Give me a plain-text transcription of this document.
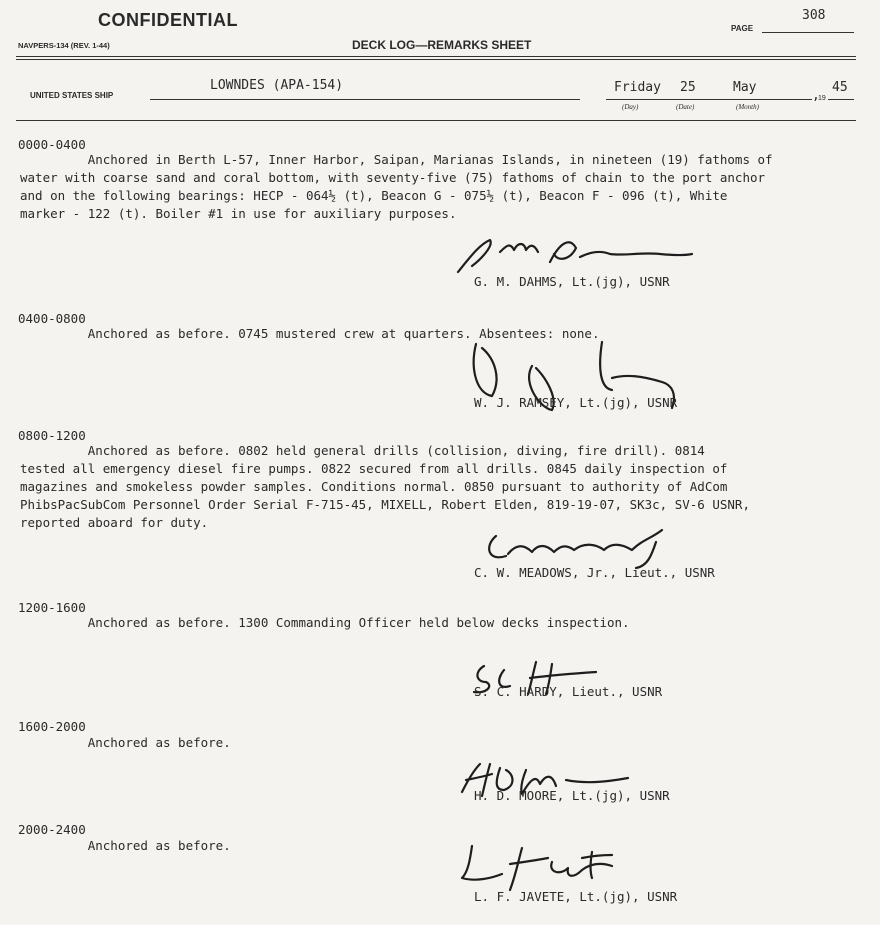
CONFIDENTIAL	PAGE
308
NAVPERS-134 (REV. 1-44)	DECK LOG—REMARKS SHEET
UNITED STATES SHIP
LOWNDES (APA-154)	Friday 25	May
(Day)	(Date)	(Month)
,
19
45
0000-0400
Anchored in Berth L-57, Inner Harbor, Saipan, Marianas Islands, in nineteen (19) fathoms of
water with coarse sand and coral bottom, with seventy-five (75) fathoms of chain to the port anchor
and on the following bearings: HECP - 064½ (t), Beacon G - 075½ (t), Beacon F - 096 (t), White
marker - 122 (t). Boiler #1 in use for auxiliary purposes.
G. M. DAHMS, Lt.(jg), USNR
0400-0800
Anchored as before. 0745 mustered crew at quarters. Absentees: none.
W. J. RAMSEY, Lt.(jg), USNR
0800-1200
Anchored as before. 0802 held general drills (collision, diving, fire drill). 0814
tested all emergency diesel fire pumps. 0822 secured from all drills. 0845 daily inspection of
magazines and smokeless powder samples. Conditions normal. 0850 pursuant to authority of AdCom
PhibsPacSubCom Personnel Order Serial F-715-45, MIXELL, Robert Elden, 819-19-07, SK3c, SV-6 USNR,
reported aboard for duty.
C. W. MEADOWS, Jr., Lieut., USNR
1200-1600
Anchored as before. 1300 Commanding Officer held below decks inspection.
S. C. HARDY, Lieut., USNR
1600-2000
Anchored as before.
H. D. MOORE, Lt.(jg), USNR
2000-2400
Anchored as before.
L. F. JAVETE, Lt.(jg), USNR
